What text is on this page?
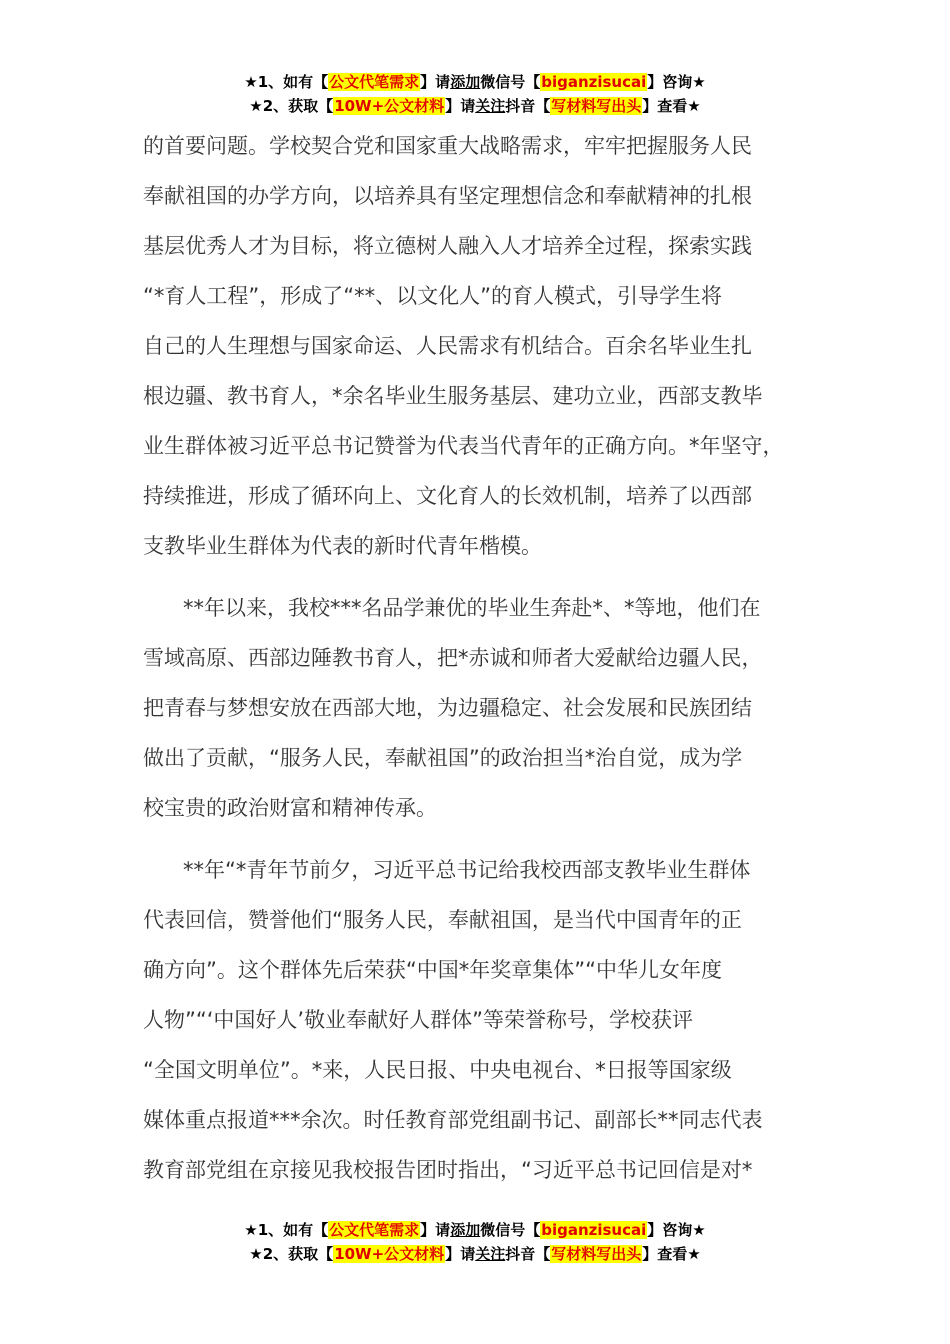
★1、如有【公文代笔需求】请添加微信号【biganzisucai】咨询★
★2、获取【10W+公文材料】请关注抖音【写材料写出头】查看★
的首要问题。学校契合党和国家重大战略需求，牢牢把握服务人民
奉献祖国的办学方向，以培养具有坚定理想信念和奉献精神的扎根
基层优秀人才为目标，将立德树人融入人才培养全过程，探索实践
“*育人工程”，形成了“**、以文化人”的育人模式，引导学生将
自己的人生理想与国家命运、人民需求有机结合。百余名毕业生扎
根边疆、教书育人，*余名毕业生服务基层、建功立业，西部支教毕
业生群体被习近平总书记赞誉为代表当代青年的正确方向。*年坚守，
持续推进，形成了循环向上、文化育人的长效机制，培养了以西部
支教毕业生群体为代表的新时代青年楷模。
**年以来，我校***名品学兼优的毕业生奔赴*、*等地，他们在
雪域高原、西部边陲教书育人，把*赤诚和师者大爱献给边疆人民，
把青春与梦想安放在西部大地，为边疆稳定、社会发展和民族团结
做出了贡献，“服务人民，奉献祖国”的政治担当*治自觉，成为学
校宝贵的政治财富和精神传承。
**年“*青年节前夕，习近平总书记给我校西部支教毕业生群体
代表回信，赞誉他们“服务人民，奉献祖国，是当代中国青年的正
确方向”。这个群体先后荣获“中国*年奖章集体”“中华儿女年度
人物”“‘中国好人’敬业奉献好人群体”等荣誉称号，学校获评
“全国文明单位”。*来，人民日报、中央电视台、*日报等国家级
媒体重点报道***余次。时任教育部党组副书记、副部长**同志代表
教育部党组在京接见我校报告团时指出，“习近平总书记回信是对*
★1、如有【公文代笔需求】请添加微信号【biganzisucai】咨询★
★2、获取【10W+公文材料】请关注抖音【写材料写出头】查看★
